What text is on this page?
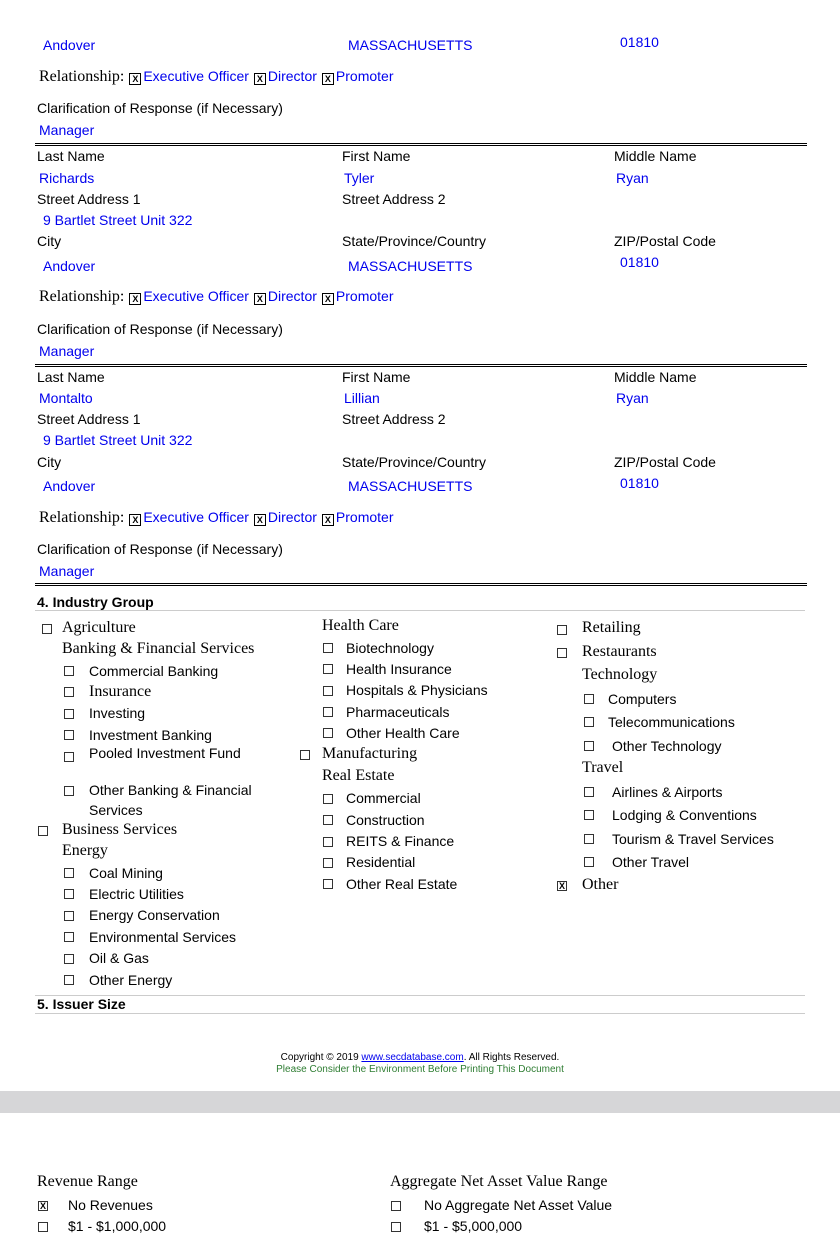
Andover	MASSACHUSETTS	01810
Relationship: X Executive Officer X Director X Promoter
Clarification of Response (if Necessary)
Manager
Last Name	First Name	Middle Name
Richards	Tyler	Ryan
Street Address 1	Street Address 2
9 Bartlet Street Unit 322
City	State/Province/Country	ZIP/Postal Code
Andover	MASSACHUSETTS	01810
Relationship: X Executive Officer X Director X Promoter
Clarification of Response (if Necessary)
Manager
Last Name	First Name	Middle Name
Montalto	Lillian	Ryan
Street Address 1	Street Address 2
9 Bartlet Street Unit 322
City	State/Province/Country	ZIP/Postal Code
Andover	MASSACHUSETTS	01810
Relationship: X Executive Officer X Director X Promoter
Clarification of Response (if Necessary)
Manager
4. Industry Group
Agriculture
Banking & Financial Services
Commercial Banking
Insurance
Investing
Investment Banking
Pooled Investment Fund
Other Banking & Financial
Services
Business Services
Energy
Coal Mining
Electric Utilities
Energy Conservation
Environmental Services
Oil & Gas
Other Energy
Health Care
Biotechnology
Health Insurance
Hospitals & Physicians
Pharmaceuticals
Other Health Care
Manufacturing
Real Estate
Commercial
Construction
REITS & Finance
Residential
Other Real Estate
Retailing
Restaurants
Technology
Computers
Telecommunications
Other Technology
Travel
Airlines & Airports
Lodging & Conventions
Tourism & Travel Services
Other Travel
X Other
5. Issuer Size
Copyright © 2019 www.secdatabase.com. All Rights Reserved.
Please Consider the Environment Before Printing This Document
Revenue Range
X No Revenues
$1 - $1,000,000
Aggregate Net Asset Value Range
No Aggregate Net Asset Value
$1 - $5,000,000
